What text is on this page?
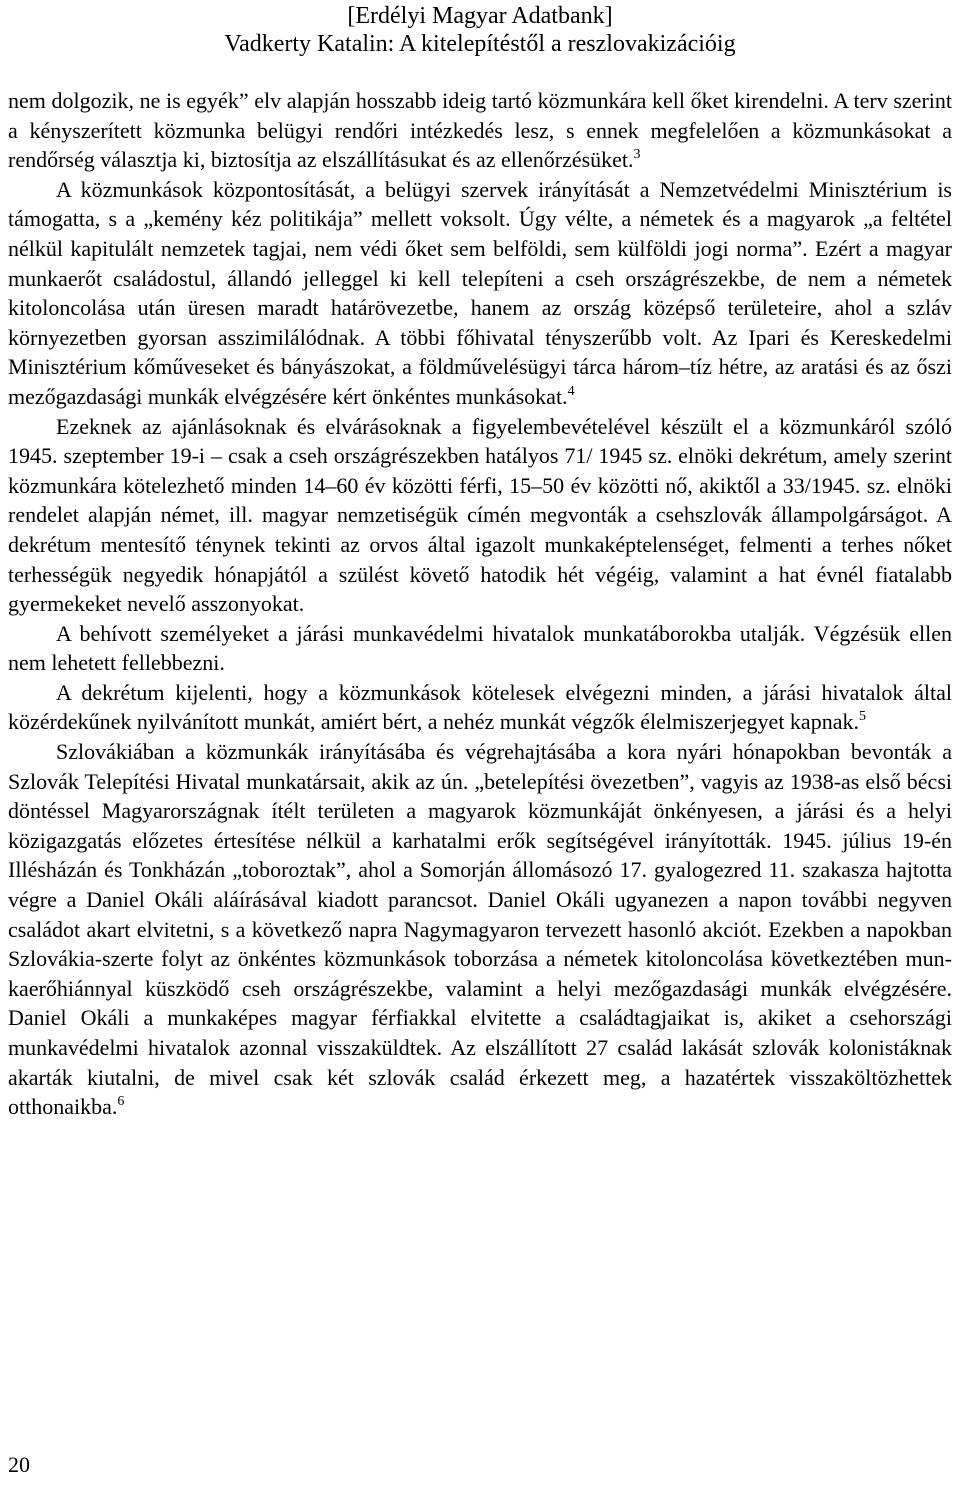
[Erdélyi Magyar Adatbank]
Vadkerty Katalin: A kitelepítéstől a reszlovakizációig

nem dolgozik, ne is egyék” elv alapján hosszabb ideig tartó közmunkára kell őket kirendelni. A terv szerint a kényszerített közmunka belügyi rendőri intézkedés lesz, s ennek megfelelően a közmunkásokat a rendőrség választja ki, biztosítja az elszállításukat és az ellenőrzésüket.$^3$

A közmunkások központosítását, a belügyi szervek irányítását a Nemzetvédelmi Minisztérium is támogatta, s a „kemény kéz politikája” mellett voksolt. Úgy vélte, a németek és a magyarok „a feltétel nélkül kapitulált nemzetek tagjai, nem védi őket sem belföldi, sem külföldi jogi norma”. Ezért a magyar munkaerőt családostul, állandó jelleggel ki kell telepíteni a cseh országrészekbe, de nem a németek kitoloncolása után üresen maradt határövezetbe, hanem az ország középső területeire, ahol a szláv környezetben gyorsan asszimilálódnak. A többi főhivatal tényszerűbb volt. Az Ipari és Kereskedelmi Minisztérium kőműveseket és bányászokat, a földművelésügyi tárca három–tíz hétre, az aratási és az őszi mezőgazdasági munkák elvégzésére kért önkéntes munkásokat.$^4$

Ezeknek az ajánlásoknak és elvárásoknak a figyelembevételével készült el a közmunkáról szóló 1945. szeptember 19-i – csak a cseh országrészekben hatályos 71/ 1945 sz. elnöki dekrétum, amely szerint közmunkára kötelezhető minden 14–60 év közötti férfi, 15–50 év közötti nő, akiktől a 33/1945. sz. elnöki rendelet alapján német, ill. magyar nemzetiségük címén megvonták a csehszlovák állampolgárságot. A dekrétum mentesítő ténynek tekinti az orvos által igazolt munkaképtelenséget, felmenti a terhes nőket terhességük negyedik hónapjától a szülést követő hatodik hét végéig, valamint a hat évnél fiatalabb gyermekeket nevelő asszonyokat.

A behívott személyeket a járási munkavédelmi hivatalok munkatáborokba utalják. Végzésük ellen nem lehetett fellebbezni.

A dekrétum kijelenti, hogy a közmunkások kötelesek elvégezni minden, a járási hivatalok által közérdekűnek nyilvánított munkát, amiért bért, a nehéz munkát végzők élelmiszerjegyet kapnak.$^5$

Szlovákiában a közmunkák irányításába és végrehajtásába a kora nyári hónapokban bevonták a Szlovák Telepítési Hivatal munkatársait, akik az ún. „betelepítési övezetben”, vagyis az 1938-as első bécsi döntéssel Magyarországnak ítélt területen a magyarok közmunkáját önkényesen, a járási és a helyi közigazgatás előzetes értesítése nélkül a karhatalmi erők segítségével irányították. 1945. július 19-én Illésházán és Tonkházán „toboroztak”, ahol a Somorján állomásozó 17. gyalogezred 11. szakasza hajtotta végre a Daniel Okáli aláírásával kiadott parancsot. Daniel Okáli ugyanezen a napon további negyven családot akart elvitetni, s a következő napra Nagymagyaron tervezett hasonló akciót. Ezekben a napokban Szlovákia-szerte folyt az önkéntes közmunkások toborzása a németek kitoloncolása következtében munkaerőhiánnyal küszködő cseh országrészekbe, valamint a helyi mezőgazdasági munkák elvégzésére. Daniel Okáli a munkaképes magyar férfiakkal elvitette a családtagjaikat is, akiket a csehországi munkavédelmi hivatalok azonnal visszaküldtek. Az elszállított 27 család lakását szlovák kolonistáknak akarták kiutalni, de mivel csak két szlovák család érkezett meg, a hazatértek visszaköltözhettek otthonaikba.$^6$

20
